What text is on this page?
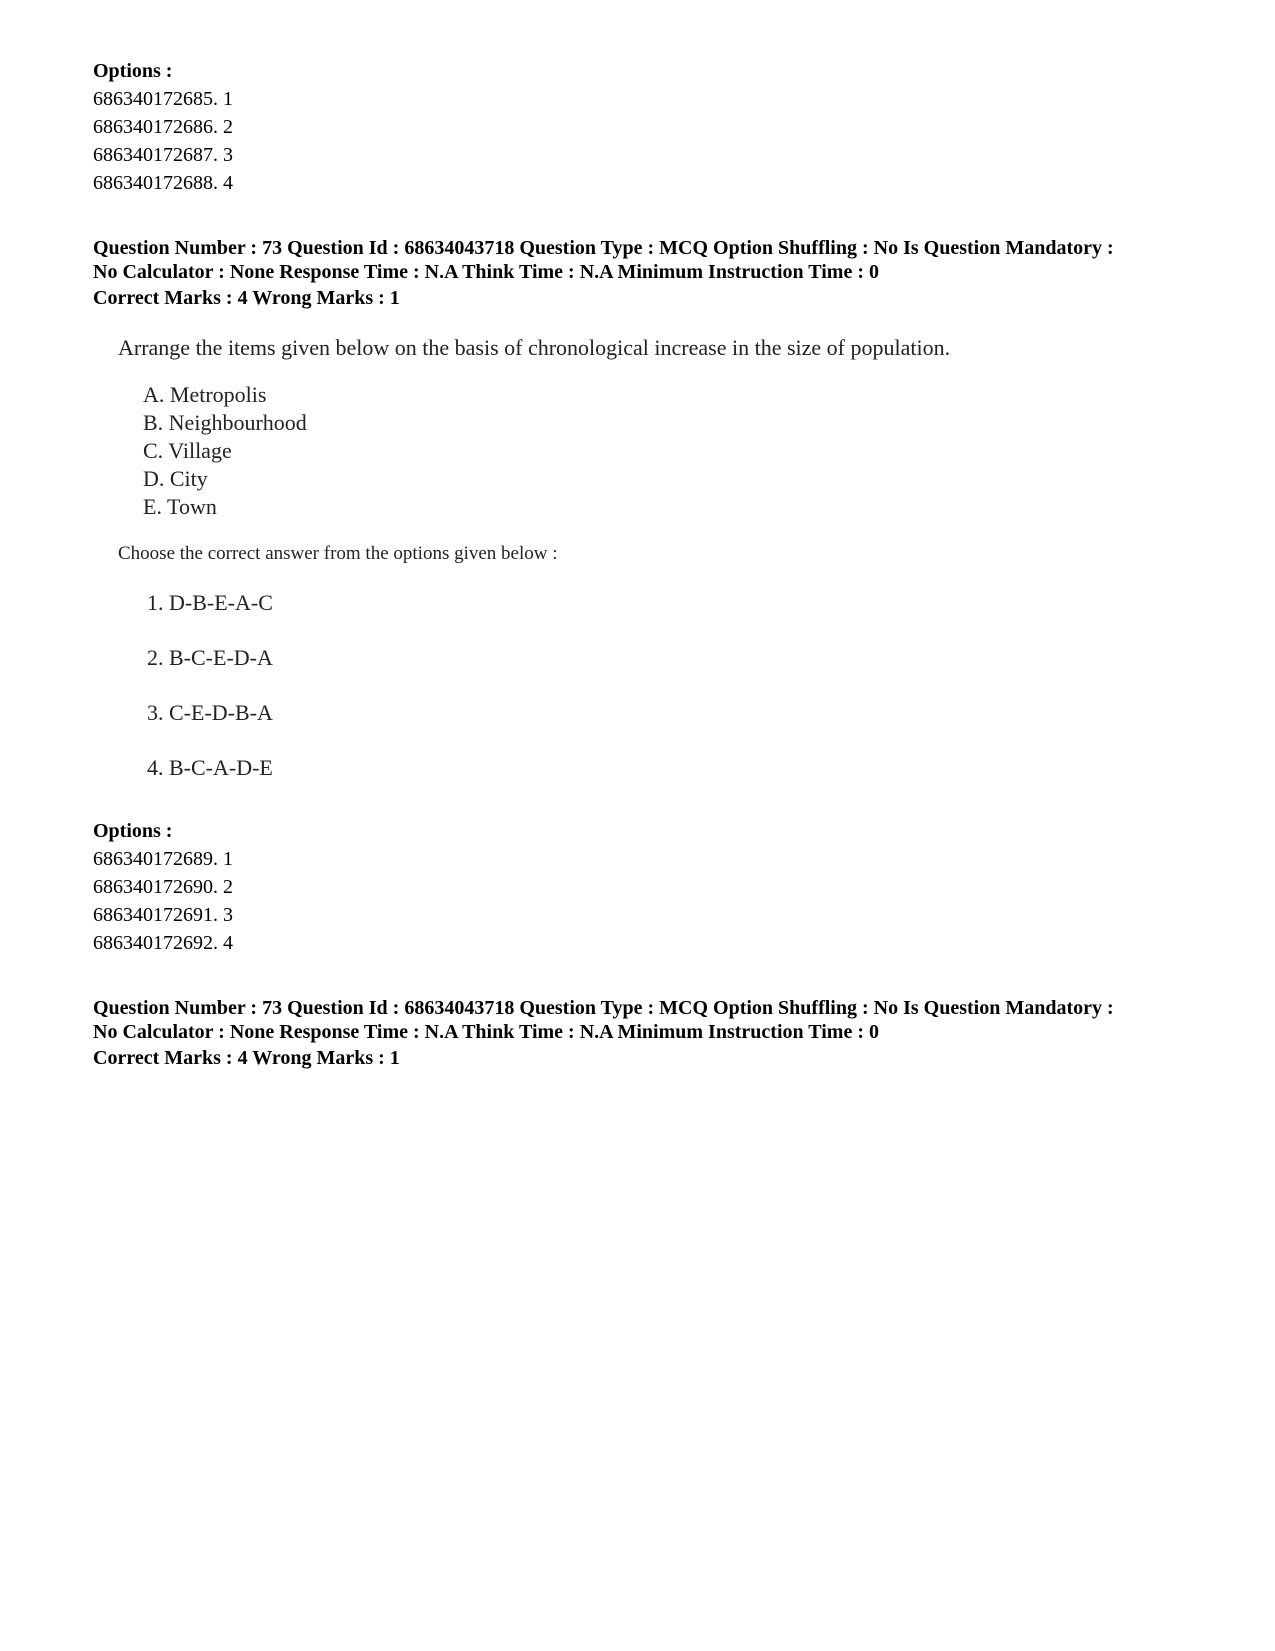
Options :
686340172685. 1
686340172686. 2
686340172687. 3
686340172688. 4
Question Number : 73 Question Id : 68634043718 Question Type : MCQ Option Shuffling : No Is Question Mandatory :
No Calculator : None Response Time : N.A Think Time : N.A Minimum Instruction Time : 0
Correct Marks : 4 Wrong Marks : 1
Arrange the items given below on the basis of chronological increase in the size of population.
A. Metropolis
B. Neighbourhood
C. Village
D. City
E. Town
Choose the correct answer from the options given below :
1. D-B-E-A-C
2. B-C-E-D-A
3. C-E-D-B-A
4. B-C-A-D-E
Options :
686340172689. 1
686340172690. 2
686340172691. 3
686340172692. 4
Question Number : 73 Question Id : 68634043718 Question Type : MCQ Option Shuffling : No Is Question Mandatory :
No Calculator : None Response Time : N.A Think Time : N.A Minimum Instruction Time : 0
Correct Marks : 4 Wrong Marks : 1
